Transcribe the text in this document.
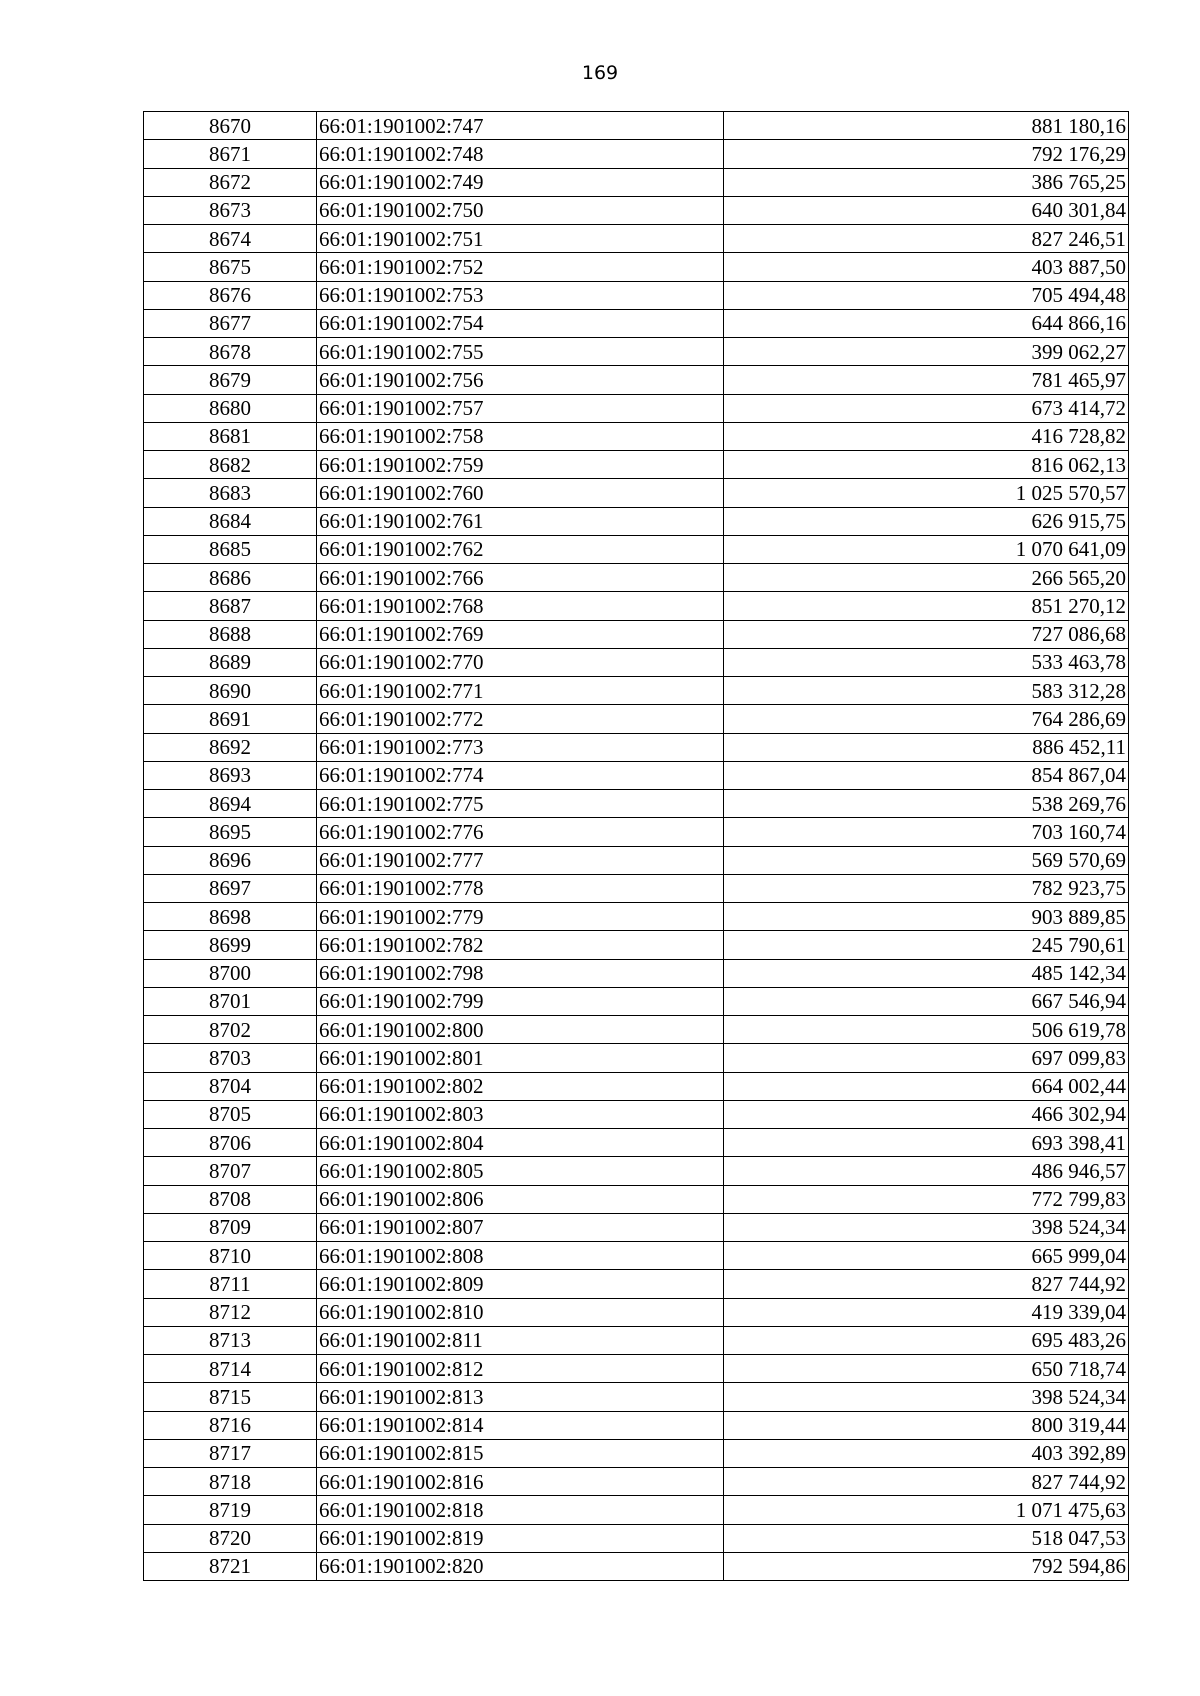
169
8670	66:01:1901002:747	881 180,16
8671	66:01:1901002:748	792 176,29
8672	66:01:1901002:749	386 765,25
8673	66:01:1901002:750	640 301,84
8674	66:01:1901002:751	827 246,51
8675	66:01:1901002:752	403 887,50
8676	66:01:1901002:753	705 494,48
8677	66:01:1901002:754	644 866,16
8678	66:01:1901002:755	399 062,27
8679	66:01:1901002:756	781 465,97
8680	66:01:1901002:757	673 414,72
8681	66:01:1901002:758	416 728,82
8682	66:01:1901002:759	816 062,13
8683	66:01:1901002:760	1 025 570,57
8684	66:01:1901002:761	626 915,75
8685	66:01:1901002:762	1 070 641,09
8686	66:01:1901002:766	266 565,20
8687	66:01:1901002:768	851 270,12
8688	66:01:1901002:769	727 086,68
8689	66:01:1901002:770	533 463,78
8690	66:01:1901002:771	583 312,28
8691	66:01:1901002:772	764 286,69
8692	66:01:1901002:773	886 452,11
8693	66:01:1901002:774	854 867,04
8694	66:01:1901002:775	538 269,76
8695	66:01:1901002:776	703 160,74
8696	66:01:1901002:777	569 570,69
8697	66:01:1901002:778	782 923,75
8698	66:01:1901002:779	903 889,85
8699	66:01:1901002:782	245 790,61
8700	66:01:1901002:798	485 142,34
8701	66:01:1901002:799	667 546,94
8702	66:01:1901002:800	506 619,78
8703	66:01:1901002:801	697 099,83
8704	66:01:1901002:802	664 002,44
8705	66:01:1901002:803	466 302,94
8706	66:01:1901002:804	693 398,41
8707	66:01:1901002:805	486 946,57
8708	66:01:1901002:806	772 799,83
8709	66:01:1901002:807	398 524,34
8710	66:01:1901002:808	665 999,04
8711	66:01:1901002:809	827 744,92
8712	66:01:1901002:810	419 339,04
8713	66:01:1901002:811	695 483,26
8714	66:01:1901002:812	650 718,74
8715	66:01:1901002:813	398 524,34
8716	66:01:1901002:814	800 319,44
8717	66:01:1901002:815	403 392,89
8718	66:01:1901002:816	827 744,92
8719	66:01:1901002:818	1 071 475,63
8720	66:01:1901002:819	518 047,53
8721	66:01:1901002:820	792 594,86
